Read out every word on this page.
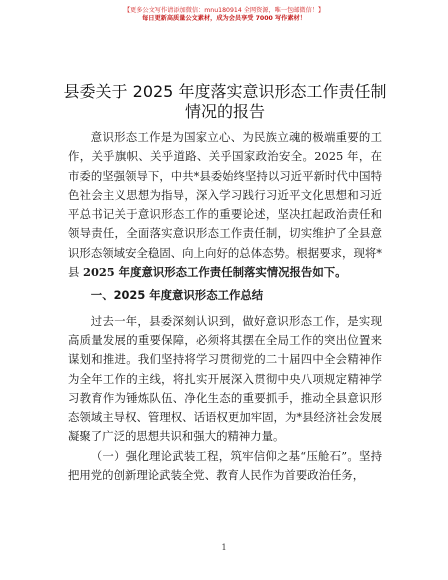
【更多公文写作请添加微信：mnu180914 全网资源，唯一包邮微信！】
每日更新高质量公文素材，成为会员享受 7000 写作素材！
县委关于 2025 年度落实意识形态工作责任制情况的报告

意识形态工作是为国家立心、为民族立魂的极端重要的工作，关乎旗帜、关乎道路、关乎国家政治安全。2025 年，在市委的坚强领导下，中共*县委始终坚持以习近平新时代中国特色社会主义思想为指导，深入学习践行习近平文化思想和习近平总书记关于意识形态工作的重要论述，坚决扛起政治责任和领导责任，全面落实意识形态工作责任制，切实维护了全县意识形态领域安全稳固、向上向好的总体态势。根据要求，现将*县 2025 年度意识形态工作责任制落实情况报告如下。

一、2025 年度意识形态工作总结

过去一年，县委深刻认识到，做好意识形态工作，是实现高质量发展的重要保障，必须将其摆在全局工作的突出位置来谋划和推进。我们坚持将学习贯彻党的二十届四中全会精神作为全年工作的主线，将扎实开展深入贯彻中央八项规定精神学习教育作为锤炼队伍、净化生态的重要抓手，推动全县意识形态领域主导权、管理权、话语权更加牢固，为*县经济社会发展凝聚了广泛的思想共识和强大的精神力量。

（一）强化理论武装工程，筑牢信仰之基“压舱石”。坚持把用党的创新理论武装全党、教育人民作为首要政治任务，

1
